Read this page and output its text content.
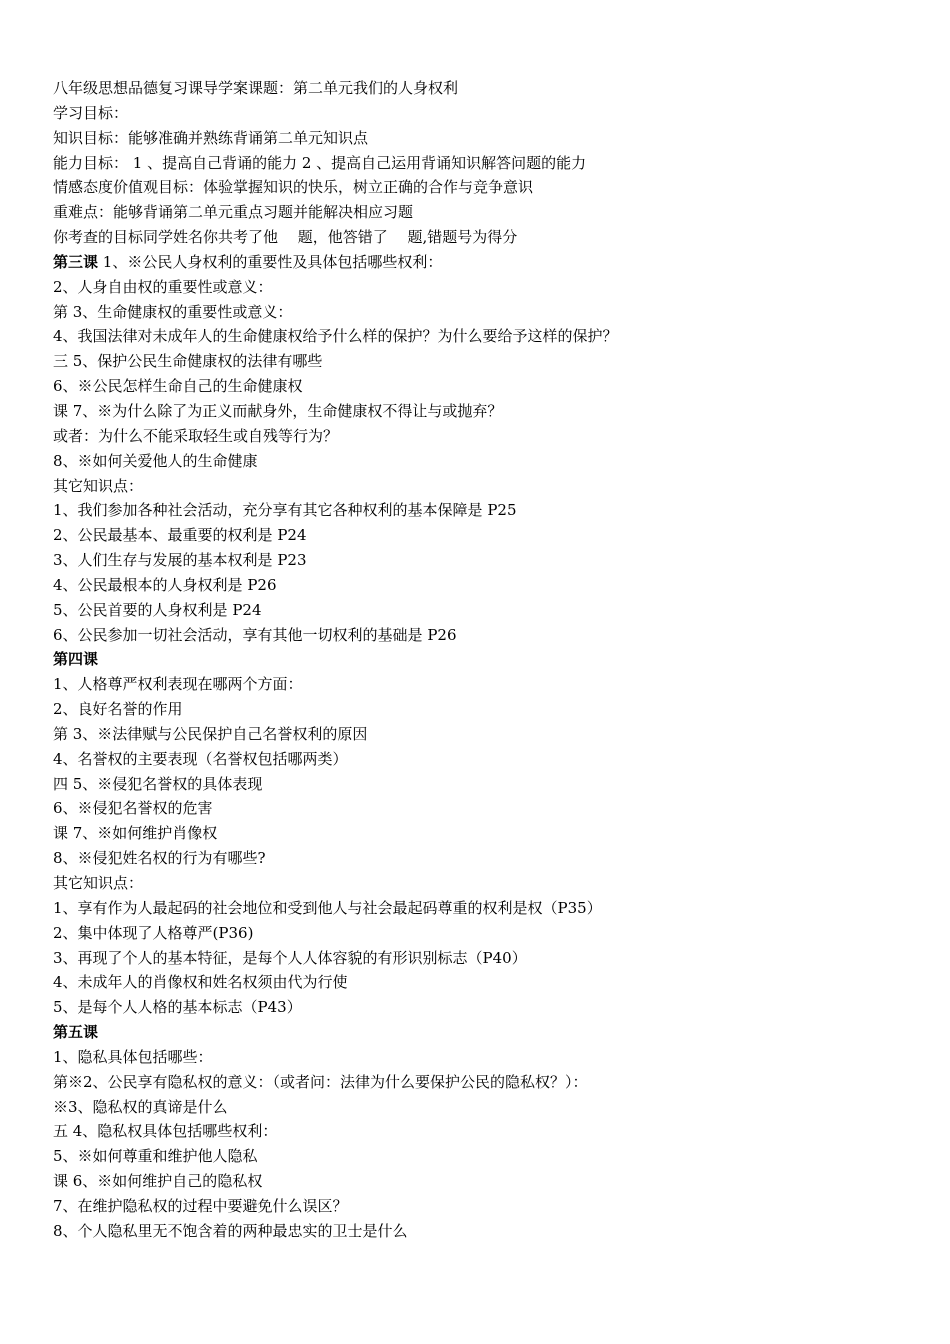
八年级思想品德复习课导学案课题：第二单元我们的人身权利
学习目标：
知识目标：能够准确并熟练背诵第二单元知识点
能力目标： 1 、提高自己背诵的能力 2 、提高自己运用背诵知识解答问题的能力
情感态度价值观目标：体验掌握知识的快乐，树立正确的合作与竞争意识
重难点：能够背诵第二单元重点习题并能解决相应习题
你考查的目标同学姓名你共考了他　 题，他答错了　 题,错题号为得分
第三课 1、※公民人身权利的重要性及具体包括哪些权利：
2、人身自由权的重要性或意义：
第 3、生命健康权的重要性或意义：
4、我国法律对未成年人的生命健康权给予什么样的保护？为什么要给予这样的保护？
三 5、保护公民生命健康权的法律有哪些
6、※公民怎样生命自己的生命健康权
课 7、※为什么除了为正义而献身外，生命健康权不得让与或抛弃？
或者：为什么不能采取轻生或自残等行为？
8、※如何关爱他人的生命健康
其它知识点：
1、我们参加各种社会活动，充分享有其它各种权利的基本保障是 P25
2、公民最基本、最重要的权利是 P24
3、人们生存与发展的基本权利是 P23
4、公民最根本的人身权利是 P26
5、公民首要的人身权利是 P24
6、公民参加一切社会活动，享有其他一切权利的基础是 P26
第四课
1、人格尊严权利表现在哪两个方面：
2、良好名誉的作用
第 3、※法律赋与公民保护自己名誉权利的原因
4、名誉权的主要表现（名誉权包括哪两类）
四 5、※侵犯名誉权的具体表现
6、※侵犯名誉权的危害
课 7、※如何维护肖像权
8、※侵犯姓名权的行为有哪些?
其它知识点：
1、享有作为人最起码的社会地位和受到他人与社会最起码尊重的权利是权（P35）
2、集中体现了人格尊严(P36)
3、再现了个人的基本特征，是每个人人体容貌的有形识别标志（P40）
4、未成年人的肖像权和姓名权须由代为行使
5、是每个人人格的基本标志（P43）
第五课
1、隐私具体包括哪些：
第※2、公民享有隐私权的意义：（或者问：法律为什么要保护公民的隐私权？）：
※3、隐私权的真谛是什么
五 4、隐私权具体包括哪些权利：
5、※如何尊重和维护他人隐私
课 6、※如何维护自己的隐私权
7、在维护隐私权的过程中要避免什么误区？
8、个人隐私里无不饱含着的两种最忠实的卫士是什么
